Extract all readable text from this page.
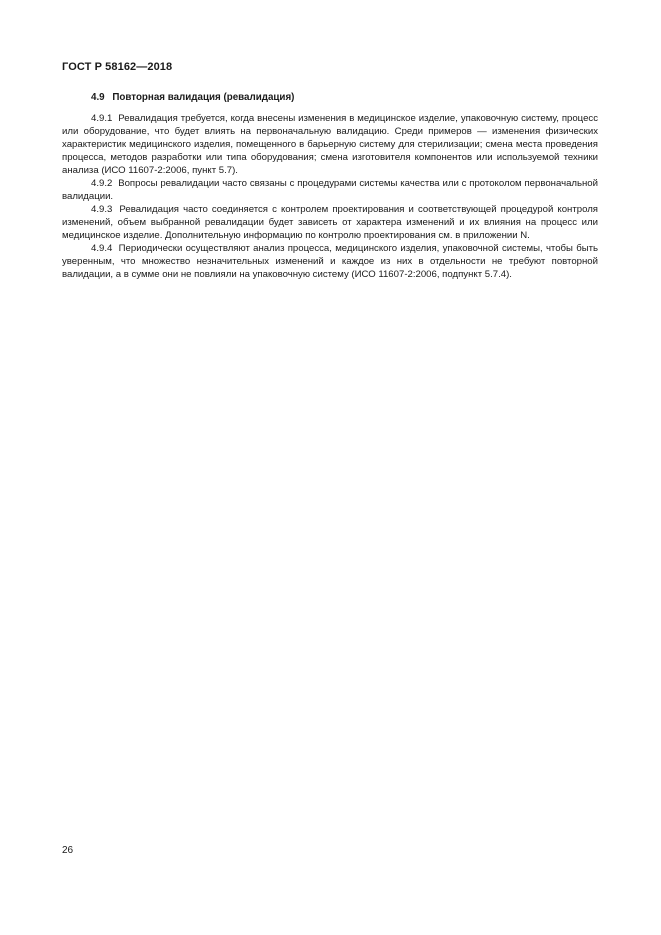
ГОСТ Р 58162—2018
4.9 Повторная валидация (ревалидация)

4.9.1 Ревалидация требуется, когда внесены изменения в медицинское изделие, упаковочную систему, процесс или оборудование, что будет влиять на первоначальную валидацию. Среди примеров — изменения физических характеристик медицинского изделия, помещенного в барьерную систему для стерилизации; смена места проведения процесса, методов разработки или типа оборудования; смена изготовителя компонентов или используемой техники анализа (ИСО 11607-2:2006, пункт 5.7).

4.9.2 Вопросы ревалидации часто связаны с процедурами системы качества или с протоколом первоначальной валидации.

4.9.3 Ревалидация часто соединяется с контролем проектирования и соответствующей процедурой контроля изменений, объем выбранной ревалидации будет зависеть от характера изменений и их влияния на процесс или медицинское изделие. Дополнительную информацию по контролю проектирования см. в приложении N.

4.9.4 Периодически осуществляют анализ процесса, медицинского изделия, упаковочной системы, чтобы быть уверенным, что множество незначительных изменений и каждое из них в отдельности не требуют повторной валидации, а в сумме они не повлияли на упаковочную систему (ИСО 11607-2:2006, подпункт 5.7.4).

26
